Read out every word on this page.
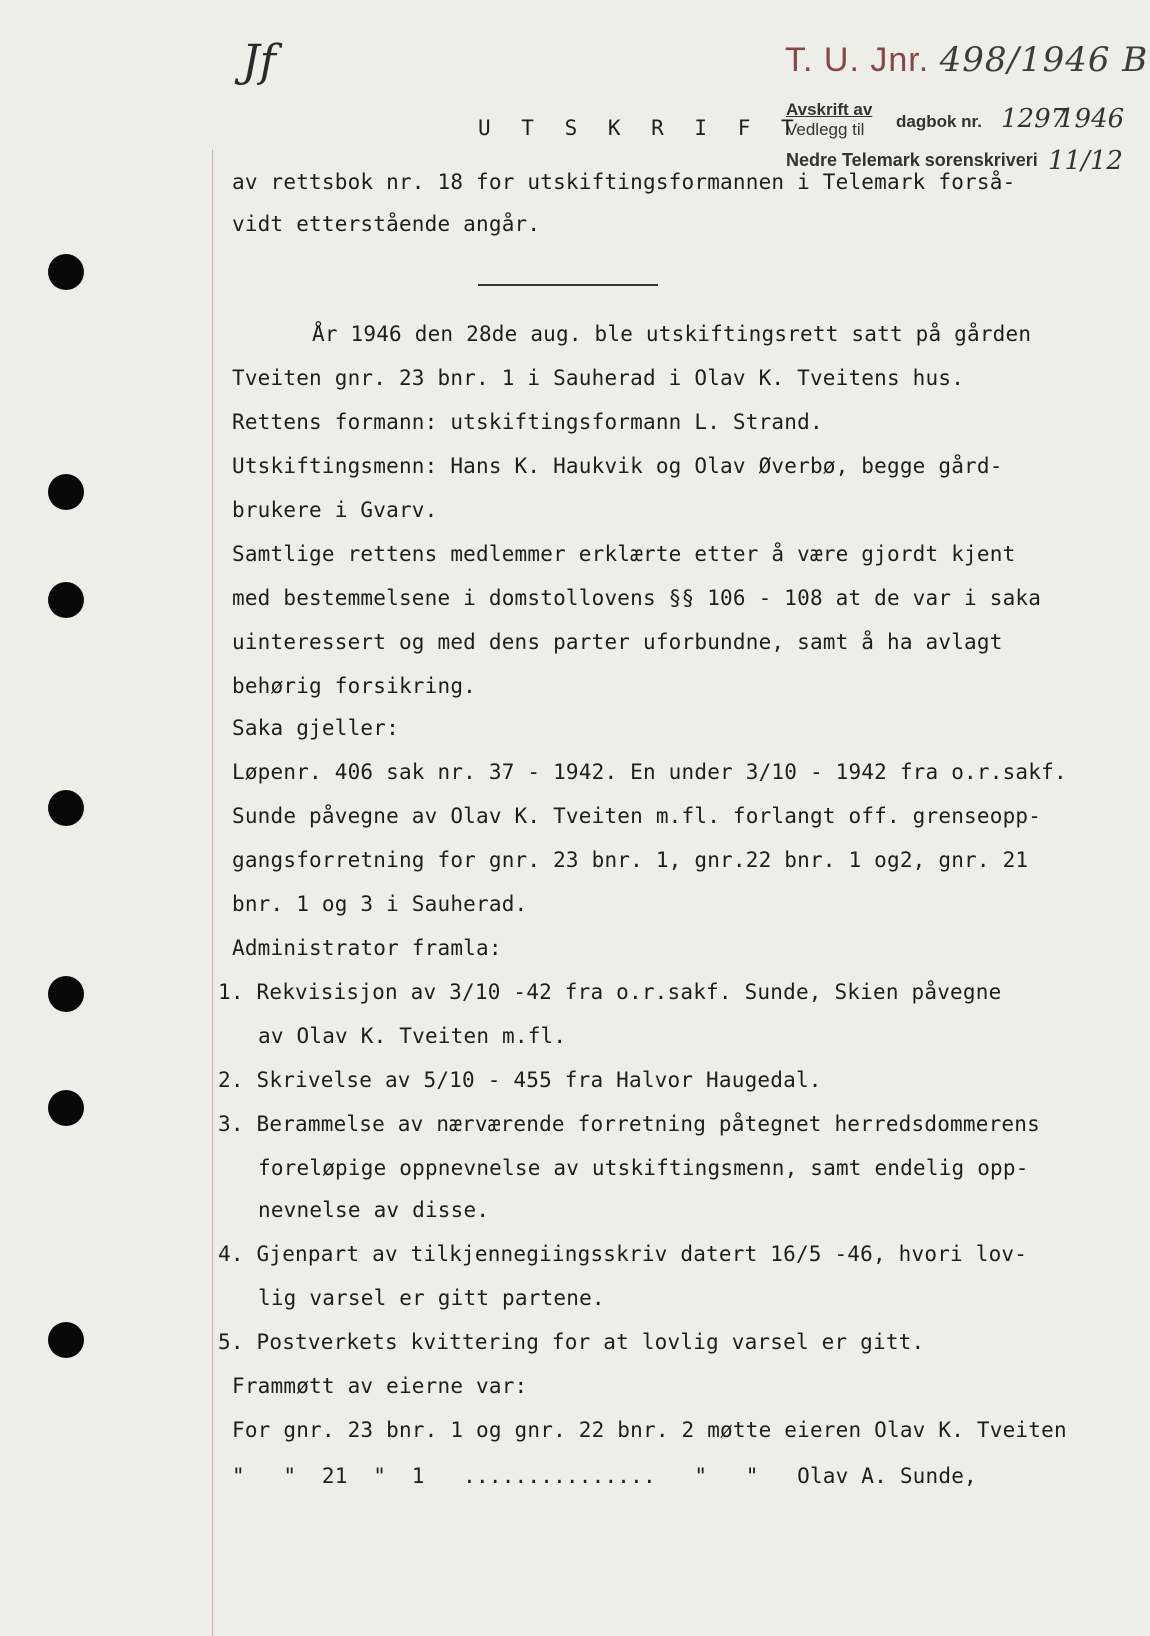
Jf	T. U. Jnr. 498/1946 B
Avskrift av
Vedlegg til dagbok nr. 1297
1946
Nedre Telemark sorenskriveri 11/12
U T S K R I F T
av rettsbok nr. 18 for utskiftingsformannen i Telemark forså-
vidt etterstående angår.
År 1946 den 28de aug. ble utskiftingsrett satt på gården
Tveiten gnr. 23 bnr. 1 i Sauherad i Olav K. Tveitens hus.
Rettens formann: utskiftingsformann L. Strand.
Utskiftingsmenn: Hans K. Haukvik og Olav Øverbø, begge gård-
brukere i Gvarv.
Samtlige rettens medlemmer erklærte etter å være gjordt kjent
med bestemmelsene i domstollovens §§ 106 - 108 at de var i saka
uinteressert og med dens parter uforbundne, samt å ha avlagt
behørig forsikring.
Saka gjeller:
Løpenr. 406 sak nr. 37 - 1942. En under 3/10 - 1942 fra o.r.sakf.
Sunde påvegne av Olav K. Tveiten m.fl. forlangt off. grenseopp-
gangsforretning for gnr. 23 bnr. 1, gnr.22 bnr. 1 og2, gnr. 21
bnr. 1 og 3 i Sauherad.
Administrator framla:
1. Rekvisisjon av 3/10 -42 fra o.r.sakf. Sunde, Skien påvegne
av Olav K. Tveiten m.fl.
2. Skrivelse av 5/10 - 455 fra Halvor Haugedal.
3. Berammelse av nærværende forretning påtegnet herredsdommerens
foreløpige oppnevnelse av utskiftingsmenn, samt endelig opp-
nevnelse av disse.
4. Gjenpart av tilkjennegiingsskriv datert 16/5 -46, hvori lov-
lig varsel er gitt partene.
5. Postverkets kvittering for at lovlig varsel er gitt.
Frammøtt av eierne var:
For gnr. 23 bnr. 1 og gnr. 22 bnr. 2 møtte eieren Olav K. Tveiten
"   "  21  "  1   ...............   "   "   Olav A. Sunde,
